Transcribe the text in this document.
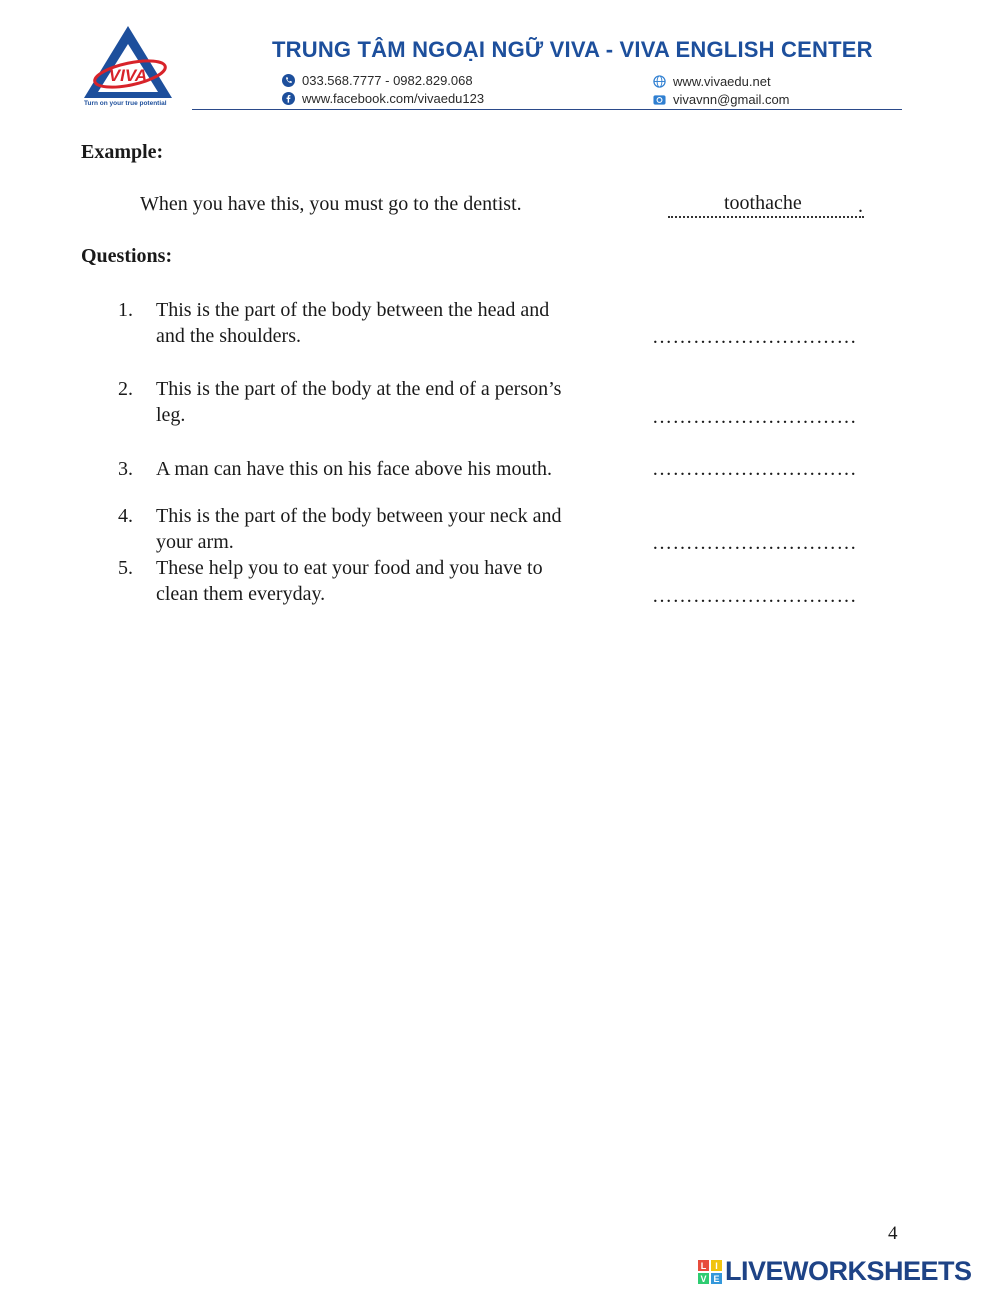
VIVA
Turn on your true potential
TRUNG TÂM NGOẠI NGỮ VIVA - VIVA ENGLISH CENTER
033.568.7777 - 0982.829.068
www.facebook.com/vivaedu123
www.vivaedu.net
vivavnn@gmail.com
Example:
When you have this, you must go to the dentist.	toothache	.
Questions:
1. This is the part of the body between the head and
and the shoulders.	…………………………
2. This is the part of the body at the end of a person’s
leg.	…………………………
3. A man can have this on his face above his mouth.	…………………………
4. This is the part of the body between your neck and
your arm.	…………………………
5. These help you to eat your food and you have to
clean them everyday.	…………………………
4
L I
V E LIVEWORKSHEETS
